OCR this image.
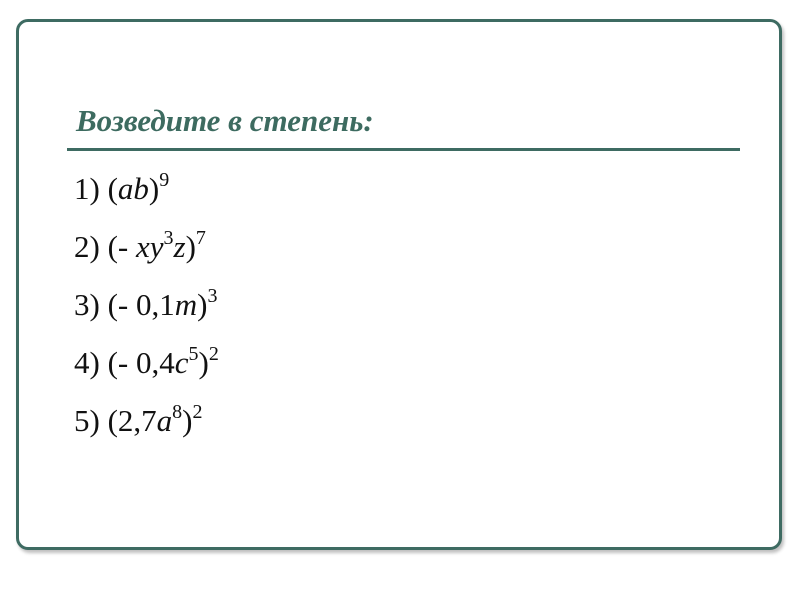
Возведите в степень:
1) (ab)$^9$
2) (- $xy^3z)^7$
3) (- 0,1m)$^3$
4) (- $0,4c^5)^2$
5) $(2,7a^8)^2$
